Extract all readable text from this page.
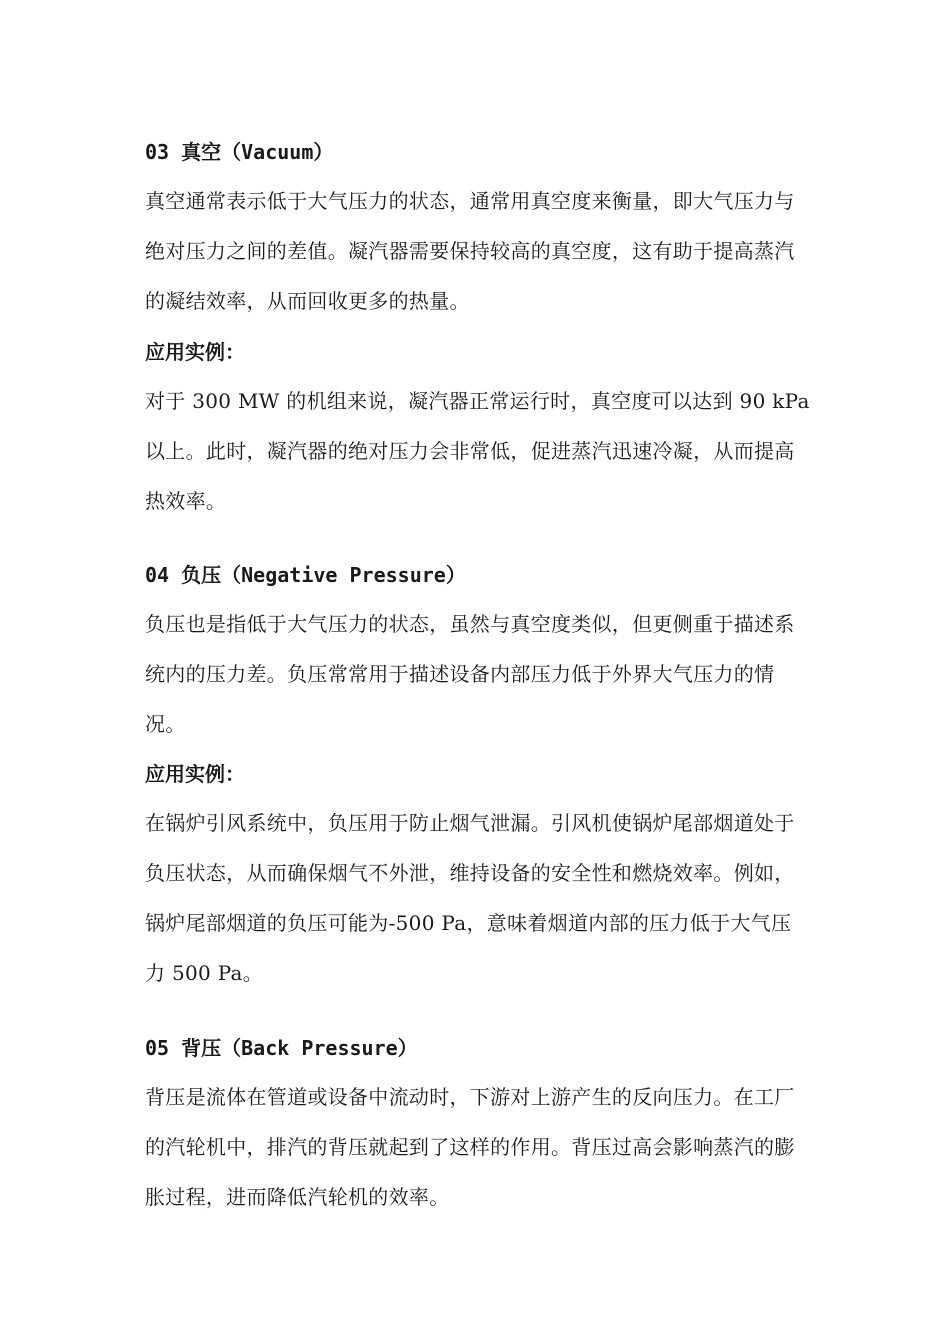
03 真空（Vacuum）

真空通常表示低于大气压力的状态，通常用真空度来衡量，即大气压力与绝对压力之间的差值。凝汽器需要保持较高的真空度，这有助于提高蒸汽的凝结效率，从而回收更多的热量。

应用实例：

对于 300 MW 的机组来说，凝汽器正常运行时，真空度可以达到 90 kPa 以上。此时，凝汽器的绝对压力会非常低，促进蒸汽迅速冷凝，从而提高热效率。

04 负压（Negative Pressure）

负压也是指低于大气压力的状态，虽然与真空度类似，但更侧重于描述系统内的压力差。负压常常用于描述设备内部压力低于外界大气压力的情况。

应用实例：

在锅炉引风系统中，负压用于防止烟气泄漏。引风机使锅炉尾部烟道处于负压状态，从而确保烟气不外泄，维持设备的安全性和燃烧效率。例如，锅炉尾部烟道的负压可能为-500 Pa，意味着烟道内部的压力低于大气压力 500 Pa。

05 背压（Back Pressure）

背压是流体在管道或设备中流动时，下游对上游产生的反向压力。在工厂的汽轮机中，排汽的背压就起到了这样的作用。背压过高会影响蒸汽的膨胀过程，进而降低汽轮机的效率。
